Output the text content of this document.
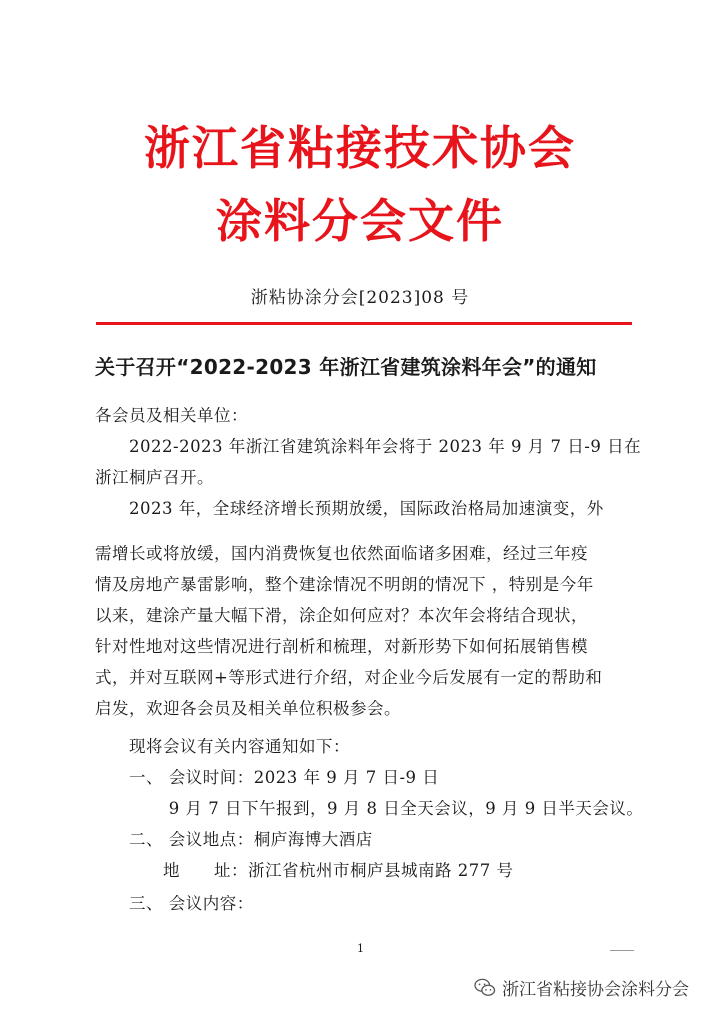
浙江省粘接技术协会
涂料分会文件
浙粘协涂分会[2023]08 号
关于召开“2022-2023 年浙江省建筑涂料年会”的通知
各会员及相关单位：
　　2022-2023 年浙江省建筑涂料年会将于 2023 年 9 月 7 日-9 日在
浙江桐庐召开。
　　2023 年，全球经济增长预期放缓，国际政治格局加速演变，外
需增长或将放缓，国内消费恢复也依然面临诸多困难，经过三年疫
情及房地产暴雷影响，整个建涂情况不明朗的情况下 ，特别是今年
以来，建涂产量大幅下滑，涂企如何应对？本次年会将结合现状，
针对性地对这些情况进行剖析和梳理，对新形势下如何拓展销售模
式，并对互联网+等形式进行介绍，对企业今后发展有一定的帮助和
启发，欢迎各会员及相关单位积极参会。
　　现将会议有关内容通知如下：
　　一、 会议时间：2023 年 9 月 7 日-9 日
　　　　 9 月 7 日下午报到，9 月 8 日全天会议，9 月 9 日半天会议。
　　二、 会议地点：桐庐海博大酒店
　　　　地　　址：浙江省杭州市桐庐县城南路 277 号
　　三、 会议内容：
1
浙江省粘接协会涂料分会
